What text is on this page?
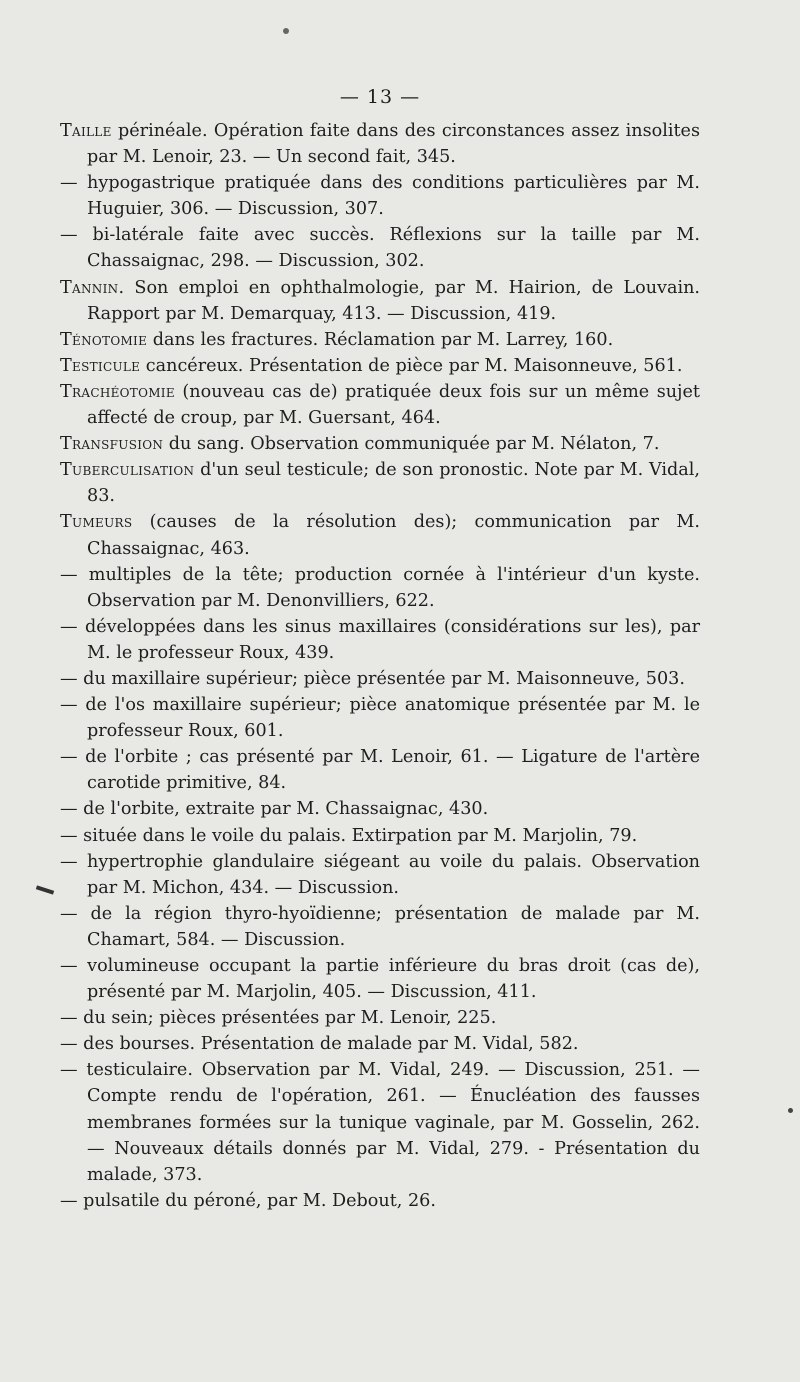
— 13 —

Taille périnéale. Opération faite dans des circonstances assez insolites par M. Lenoir, 23. — Un second fait, 345.

— hypogastrique pratiquée dans des conditions particulières par M. Huguier, 306. — Discussion, 307.

— bi-latérale faite avec succès. Réflexions sur la taille par M. Chassaignac, 298. — Discussion, 302.

Tannin. Son emploi en ophthalmologie, par M. Hairion, de Louvain. Rapport par M. Demarquay, 413. — Discussion, 419.

Ténotomie dans les fractures. Réclamation par M. Larrey, 160.

Testicule cancéreux. Présentation de pièce par M. Maisonneuve, 561.

Trachéotomie (nouveau cas de) pratiquée deux fois sur un même sujet affecté de croup, par M. Guersant, 464.

Transfusion du sang. Observation communiquée par M. Nélaton, 7.

Tuberculisation d'un seul testicule; de son pronostic. Note par M. Vidal, 83.

Tumeurs (causes de la résolution des); communication par M. Chassaignac, 463.

— multiples de la tête; production cornée à l'intérieur d'un kyste. Observation par M. Denonvilliers, 622.

— développées dans les sinus maxillaires (considérations sur les), par M. le professeur Roux, 439.

— du maxillaire supérieur; pièce présentée par M. Maisonneuve, 503.

— de l'os maxillaire supérieur; pièce anatomique présentée par M. le professeur Roux, 601.

— de l'orbite ; cas présenté par M. Lenoir, 61. — Ligature de l'artère carotide primitive, 84.

— de l'orbite, extraite par M. Chassaignac, 430.

— située dans le voile du palais. Extirpation par M. Marjolin, 79.

— hypertrophie glandulaire siégeant au voile du palais. Observation par M. Michon, 434. — Discussion.

— de la région thyro-hyoïdienne; présentation de malade par M. Chamart, 584. — Discussion.

— volumineuse occupant la partie inférieure du bras droit (cas de), présenté par M. Marjolin, 405. — Discussion, 411.

— du sein; pièces présentées par M. Lenoir, 225.

— des bourses. Présentation de malade par M. Vidal, 582.

— testiculaire. Observation par M. Vidal, 249. — Discussion, 251. — Compte rendu de l'opération, 261. — Énucléation des fausses membranes formées sur la tunique vaginale, par M. Gosselin, 262. — Nouveaux détails donnés par M. Vidal, 279. - Présentation du malade, 373.

— pulsatile du péroné, par M. Debout, 26.
